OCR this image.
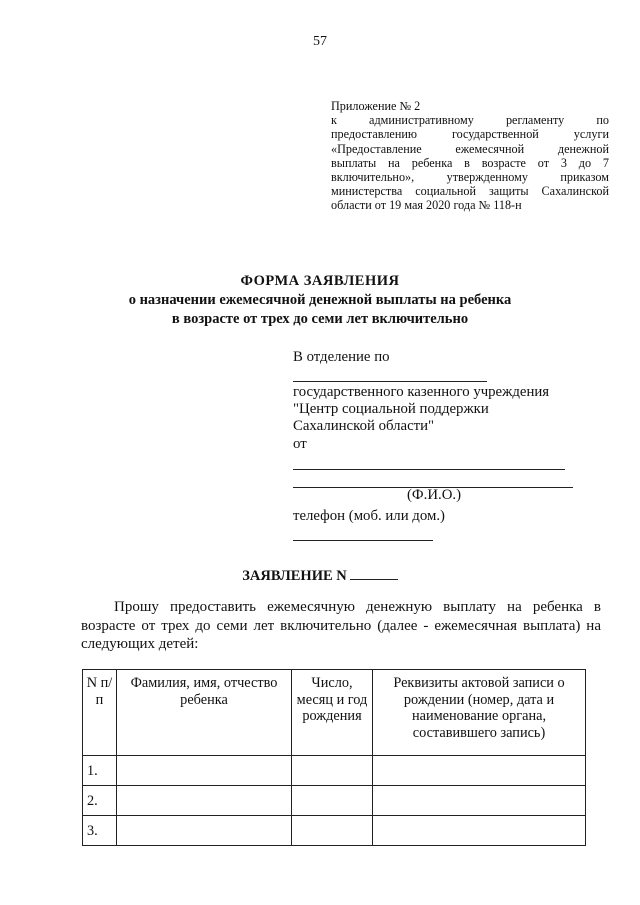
57
Приложение № 2
к административному регламенту по
предоставлению государственной услуги
«Предоставление ежемесячной денежной
выплаты на ребенка в возрасте от 3 до 7
включительно», утвержденному приказом
министерства социальной защиты Сахалинской
области от 19 мая 2020 года № 118-н
ФОРМА ЗАЯВЛЕНИЯ
о назначении ежемесячной денежной выплаты на ребенка
в возрасте от трех до семи лет включительно
В отделение по
государственного казенного учреждения
"Центр социальной поддержки
Сахалинской области"
от
(Ф.И.О.)
телефон (моб. или дом.)
ЗАЯВЛЕНИЕ N
Прошу предоставить ежемесячную денежную выплату на ребенка в возрасте от трех до семи лет включительно (далее - ежемесячная выплата) на следующих детей:
N п/п	Фамилия, имя, отчество ребенка	Число, месяц и год рождения	Реквизиты актовой записи о рождении (номер, дата и наименование органа, составившего запись)
1.			
2.			
3.			
